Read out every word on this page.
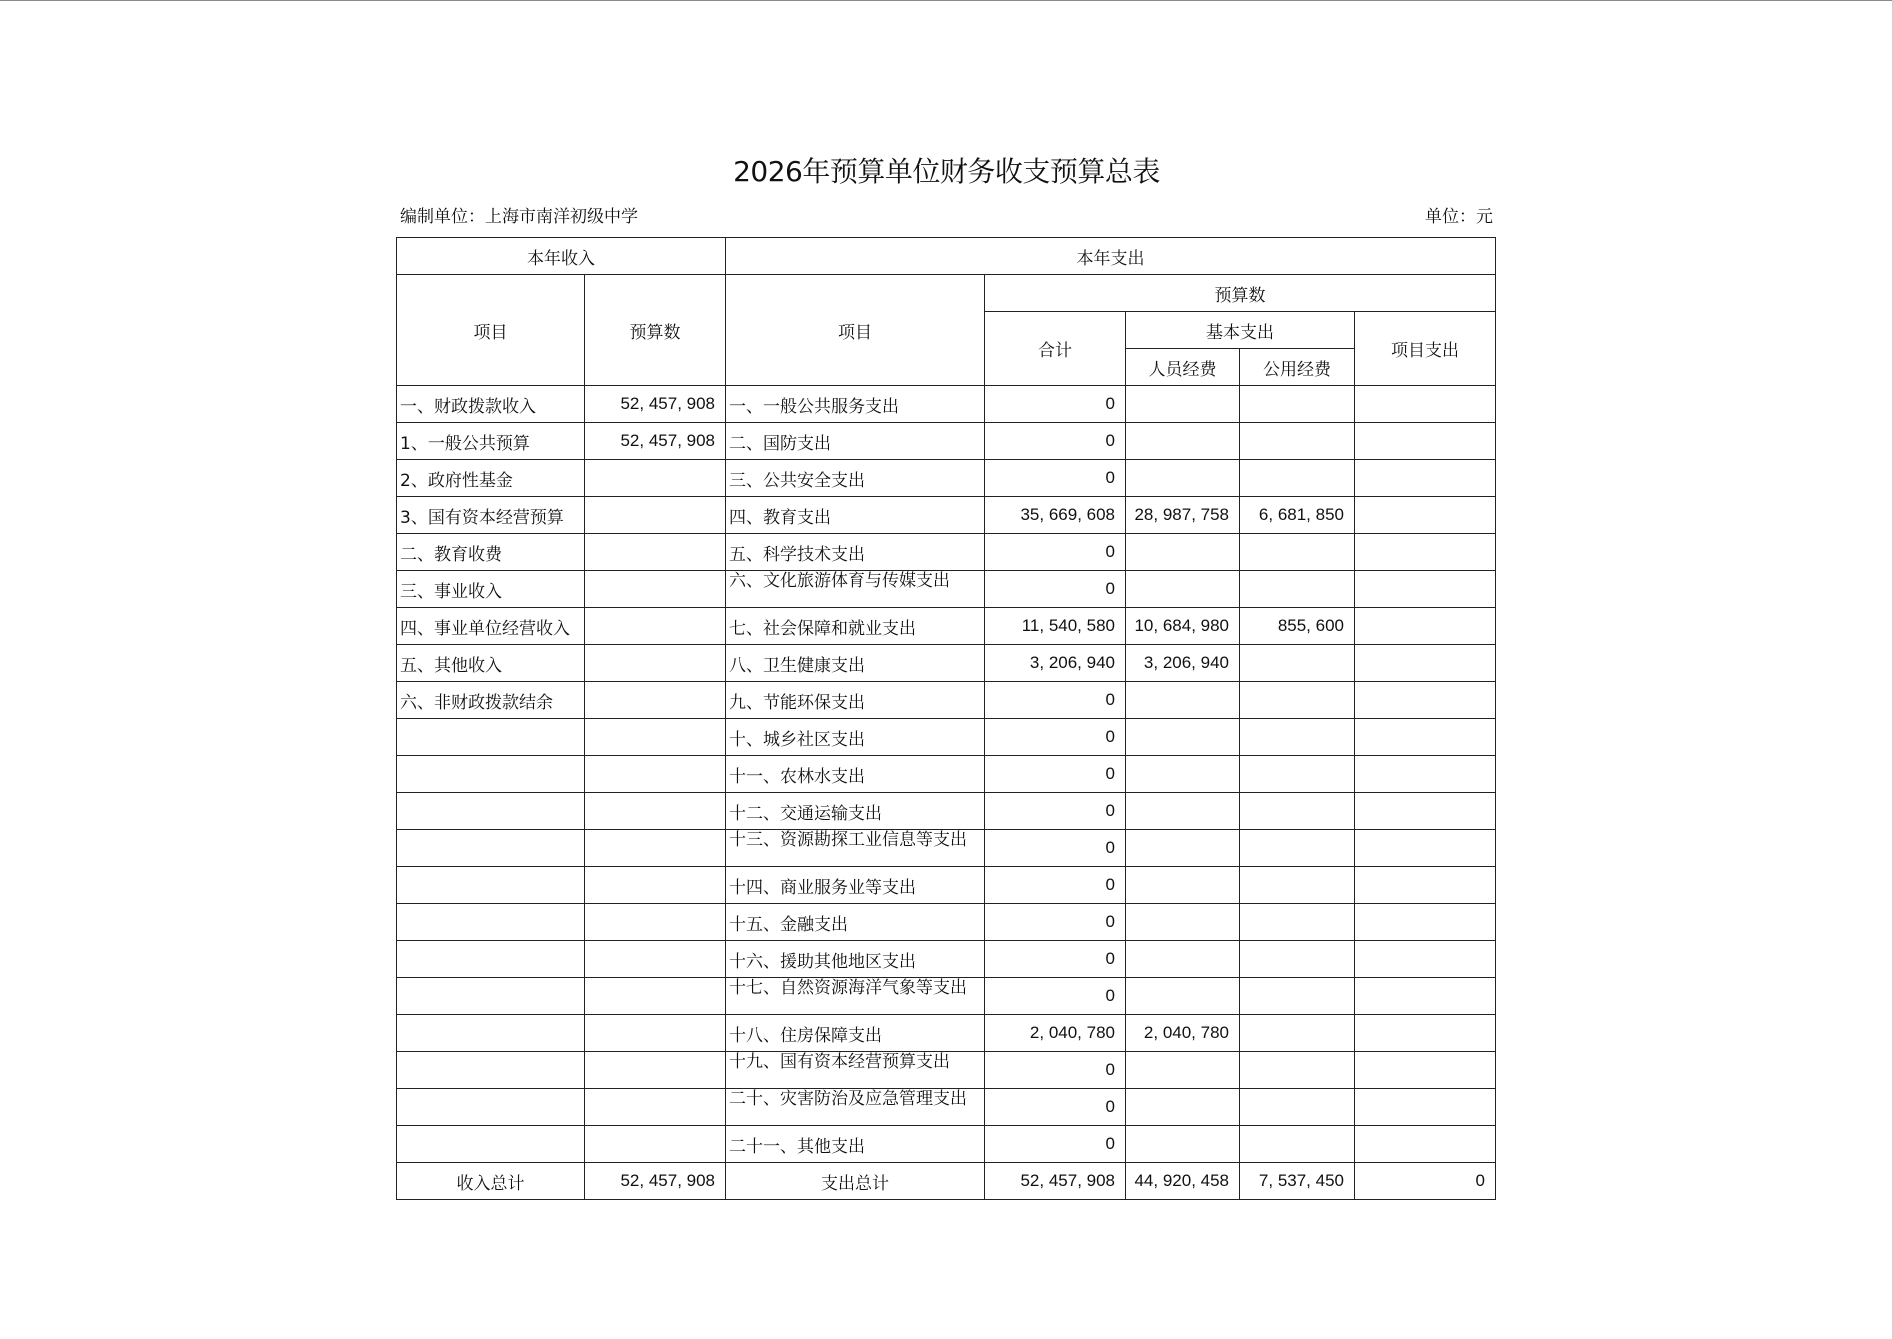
2026年预算单位财务收支预算总表
编制单位：上海市南洋初级中学	单位：元
本年收入		本年支出				
项目	预算数	项目	预算数			
			合计	基本支出		项目支出
				人员经费	公用经费	
一、财政拨款收入	52, 457, 908	一、一般公共服务支出	0			
1、一般公共预算	52, 457, 908	二、国防支出	0			
2、政府性基金		三、公共安全支出	0			
3、国有资本经营预算		四、教育支出	35, 669, 608	28, 987, 758	6, 681, 850	
二、教育收费		五、科学技术支出	0			
三、事业收入		六、文化旅游体育与传媒支出	0			
四、事业单位经营收入		七、社会保障和就业支出	11, 540, 580	10, 684, 980	855, 600	
五、其他收入		八、卫生健康支出	3, 206, 940	3, 206, 940		
六、非财政拨款结余		九、节能环保支出	0			
		十、城乡社区支出	0			
		十一、农林水支出	0			
		十二、交通运输支出	0			

		十三、资源勘探工业信息等支出	0			
		十四、商业服务业等支出	0			
		十五、金融支出	0			
		十六、援助其他地区支出	0			

		十七、自然资源海洋气象等支出	0			
		十八、住房保障支出	2, 040, 780	2, 040, 780		

		十九、国有资本经营预算支出	0			

		二十、灾害防治及应急管理支出	0			
		二十一、其他支出	0			
收入总计	52, 457, 908	支出总计	52, 457, 908	44, 920, 458	7, 537, 450	0
